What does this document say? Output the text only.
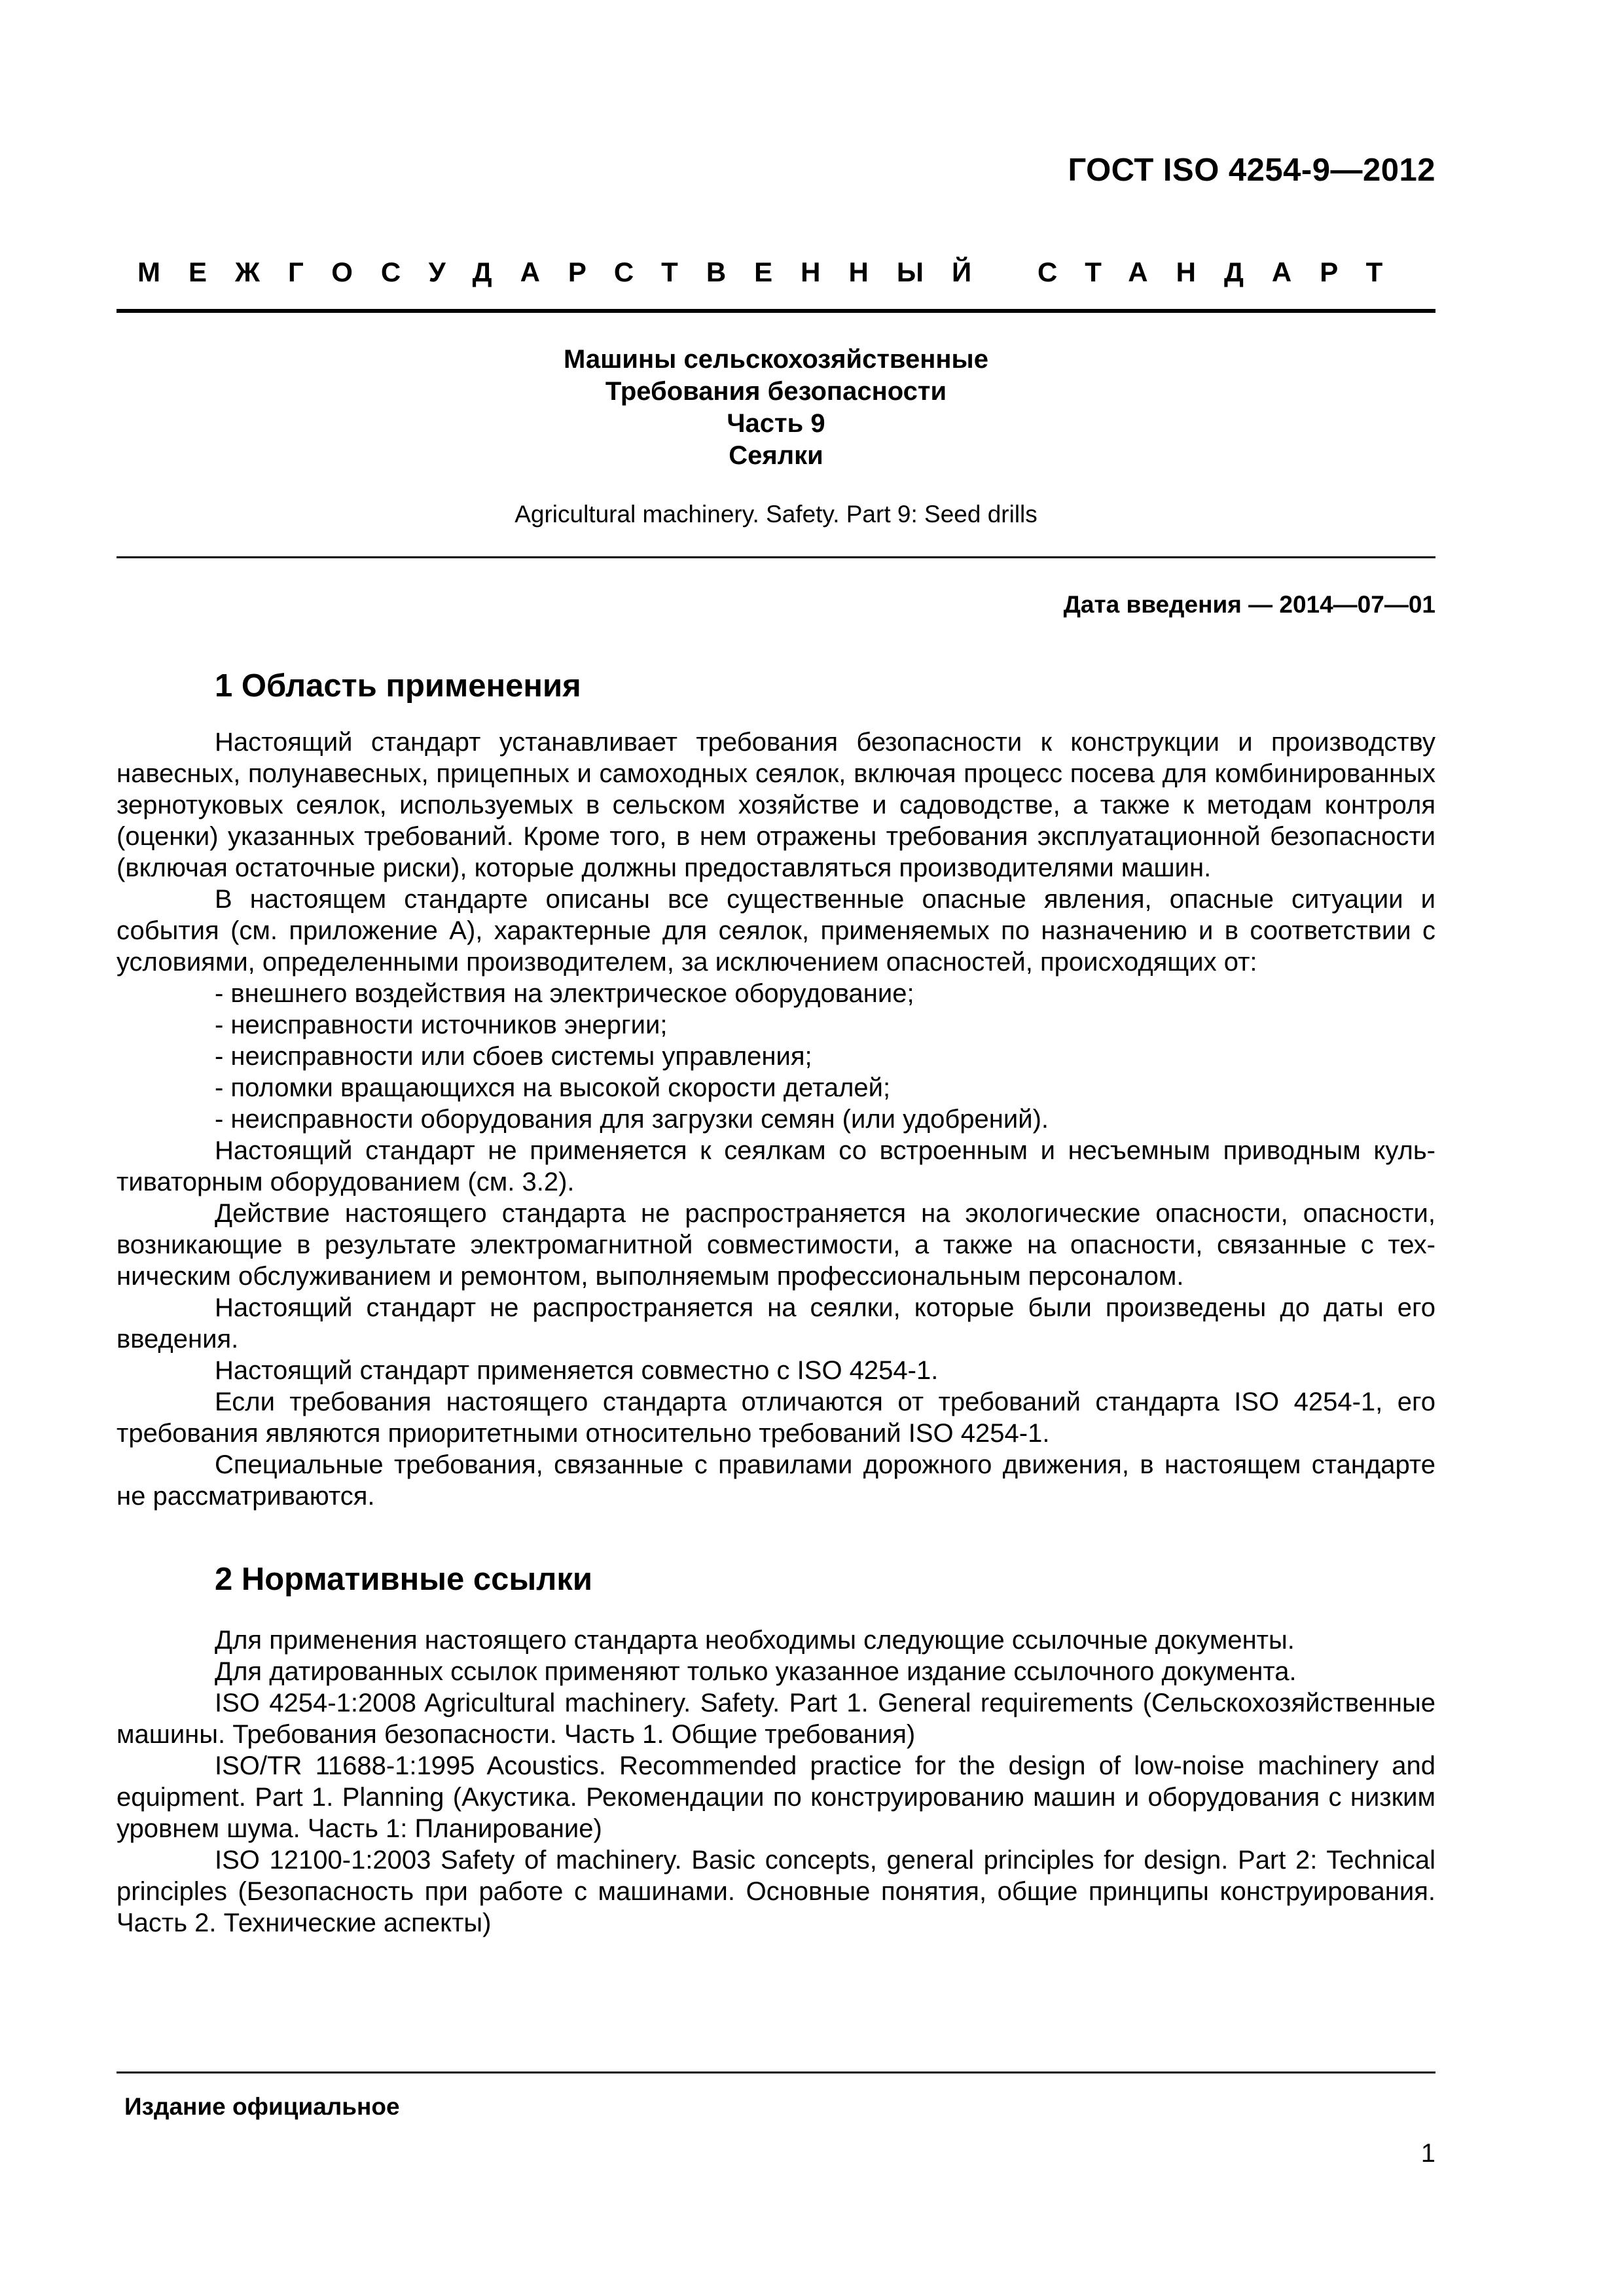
ГОСТ ISO 4254-9—2012
МЕЖГОСУДАРСТВЕННЫЙ СТАНДАРТ
Машины сельскохозяйственные
Требования безопасности
Часть 9
Сеялки
Agricultural machinery. Safety. Part 9: Seed drills
Дата введения — 2014—07—01
1 Область применения

Настоящий стандарт устанавливает требования безопасности к конструкции и производству навесных, полунавесных, прицепных и самоходных сеялок, включая процесс посева для комбинированных зернотуковых сеялок, используемых в сельском хозяйстве и садоводстве, а также к методам контроля (оценки) указанных требований. Кроме того, в нем отражены требования эксплуатационной безопасности (включая остаточные риски), которые должны предоставляться производителями машин.

В настоящем стандарте описаны все существенные опасные явления, опасные ситуации и события (см. приложение А), характерные для сеялок, применяемых по назначению и в соответствии с условиями, определенными производителем, за исключением опасностей, происходящих от:

- внешнего воздействия на электрическое оборудование;

- неисправности источников энергии;

- неисправности или сбоев системы управления;

- поломки вращающихся на высокой скорости деталей;

- неисправности оборудования для загрузки семян (или удобрений).

Настоящий стандарт не применяется к сеялкам со встроенным и несъемным приводным культиваторным оборудованием (см. 3.2).

Действие настоящего стандарта не распространяется на экологические опасности, опасности, возникающие в результате электромагнитной совместимости, а также на опасности, связанные с техническим обслуживанием и ремонтом, выполняемым профессиональным персоналом.

Настоящий стандарт не распространяется на сеялки, которые были произведены до даты его введения.

Настоящий стандарт применяется совместно с ISO 4254-1.

Если требования настоящего стандарта отличаются от требований стандарта ISO 4254-1, его требования являются приоритетными относительно требований ISO 4254-1.

Специальные требования, связанные с правилами дорожного движения, в настоящем стандарте не рассматриваются.

2 Нормативные ссылки

Для применения настоящего стандарта необходимы следующие ссылочные документы.

Для датированных ссылок применяют только указанное издание ссылочного документа.

ISO 4254-1:2008 Agricultural machinery. Safety. Part 1. General requirements (Сельскохозяйственные машины. Требования безопасности. Часть 1. Общие требования)

ISO/TR 11688-1:1995 Acoustics. Recommended practice for the design of low-noise machinery and equipment. Part 1. Planning (Акустика. Рекомендации по конструированию машин и оборудования с низким уровнем шума. Часть 1: Планирование)

ISO 12100-1:2003 Safety of machinery. Basic concepts, general principles for design. Part 2: Technical principles (Безопасность при работе с машинами. Основные понятия, общие принципы конструирования. Часть 2. Технические аспекты)

Издание официальное
1
